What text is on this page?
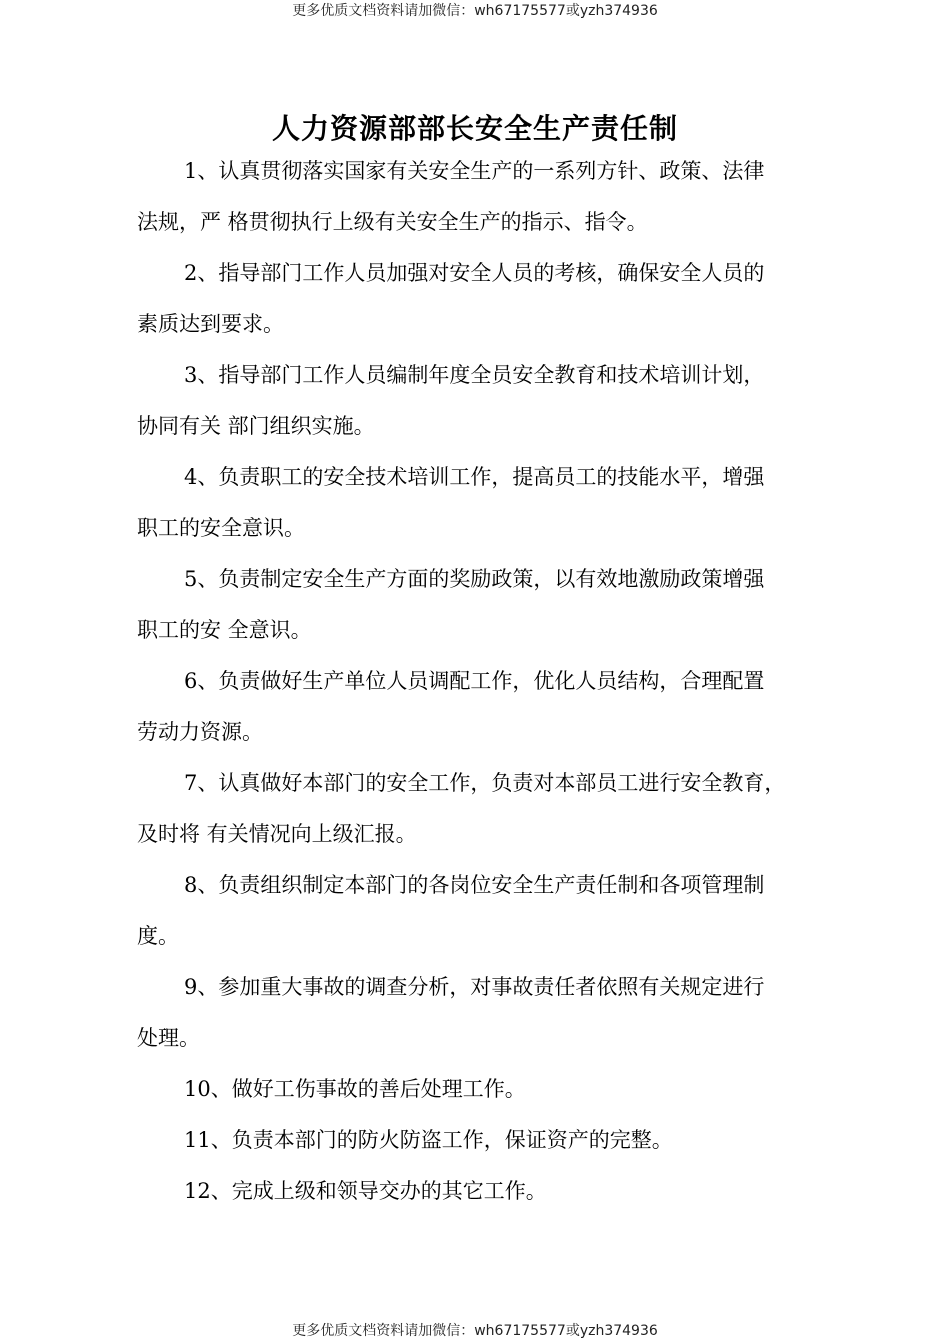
更多优质文档资料请加微信：wh67175577或yzh374936
人力资源部部长安全生产责任制

1、认真贯彻落实国家有关安全生产的一系列方针、政策、法律
法规，严 格贯彻执行上级有关安全生产的指示、指令。

2、指导部门工作人员加强对安全人员的考核，确保安全人员的
素质达到要求。

3、指导部门工作人员编制年度全员安全教育和技术培训计划，
协同有关 部门组织实施。

4、负责职工的安全技术培训工作，提高员工的技能水平，增强
职工的安全意识。

5、负责制定安全生产方面的奖励政策，以有效地激励政策增强
职工的安 全意识。

6、负责做好生产单位人员调配工作，优化人员结构，合理配置
劳动力资源。

7、认真做好本部门的安全工作，负责对本部员工进行安全教育，
及时将 有关情况向上级汇报。

8、负责组织制定本部门的各岗位安全生产责任制和各项管理制
度。

9、参加重大事故的调查分析，对事故责任者依照有关规定进行
处理。

10、做好工伤事故的善后处理工作。

11、负责本部门的防火防盗工作，保证资产的完整。

12、完成上级和领导交办的其它工作。

更多优质文档资料请加微信：wh67175577或yzh374936
